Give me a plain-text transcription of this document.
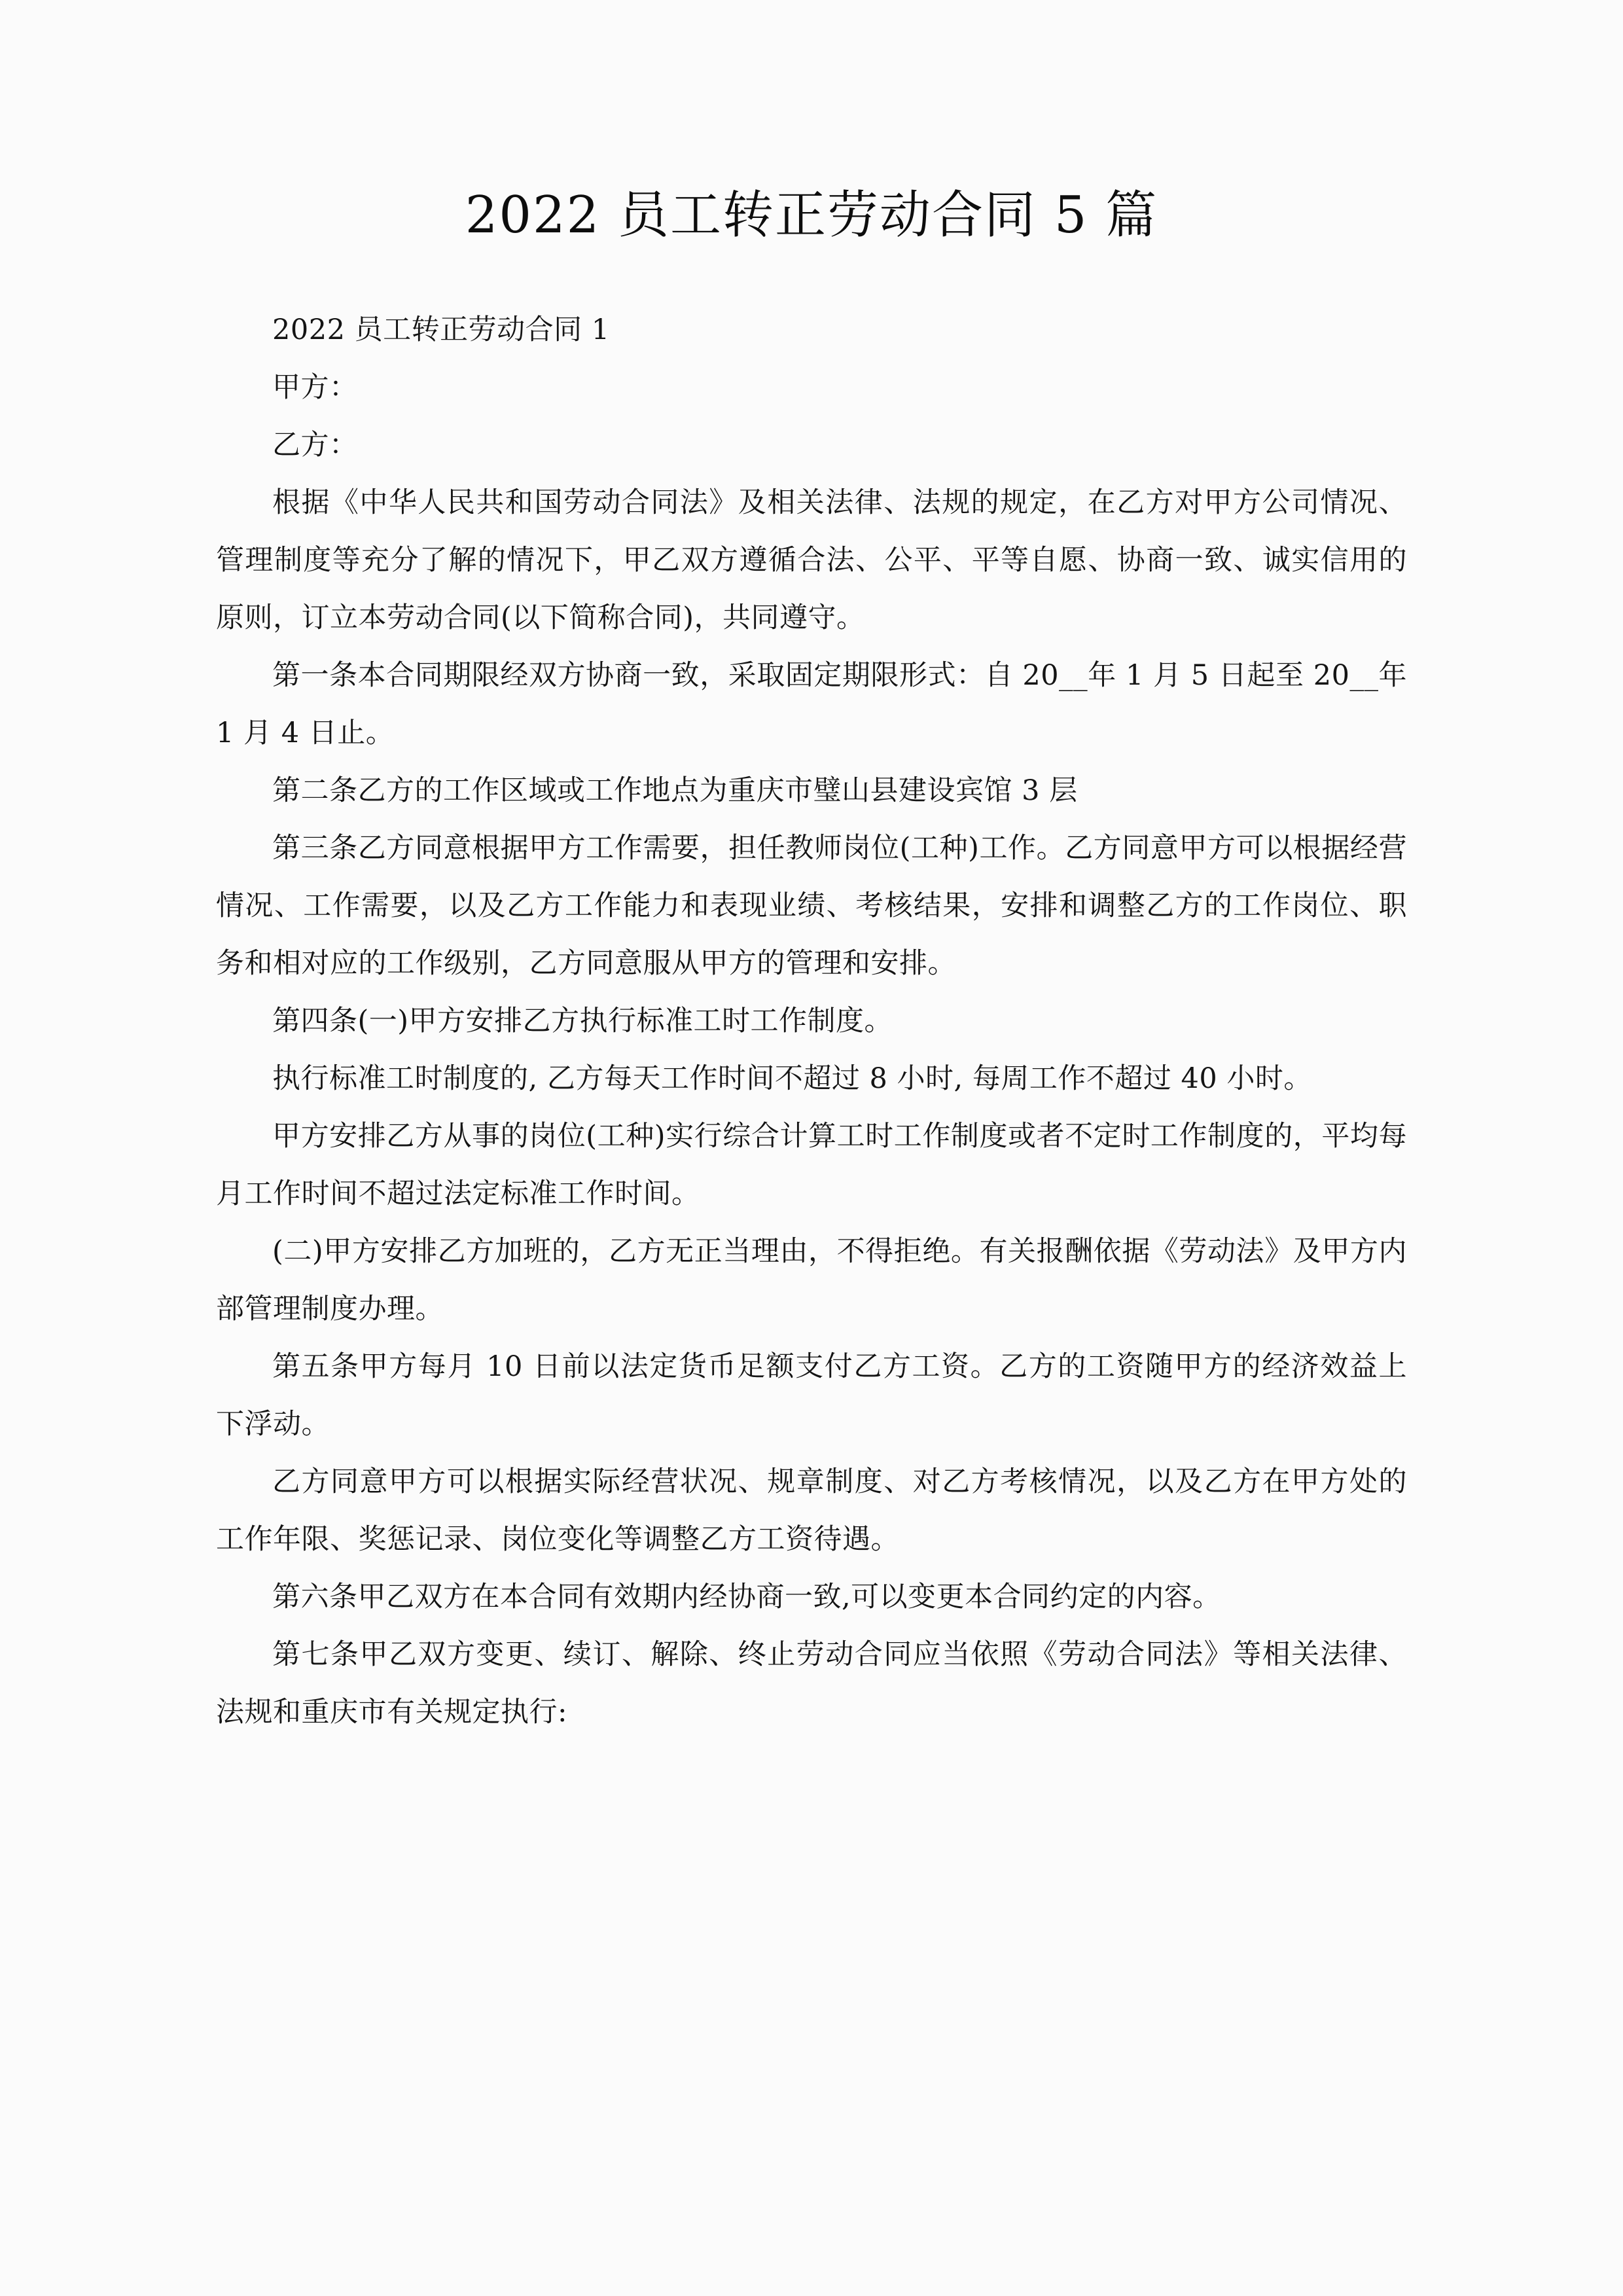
2022 员工转正劳动合同 5 篇

2022 员工转正劳动合同 1

甲方：

乙方：

根据《中华人民共和国劳动合同法》及相关法律、法规的规定，在乙方对甲方公司情况、管理制度等充分了解的情况下，甲乙双方遵循合法、公平、平等自愿、协商一致、诚实信用的原则，订立本劳动合同(以下简称合同)，共同遵守。

第一条本合同期限经双方协商一致，采取固定期限形式：自 20__年 1 月 5 日起至 20__年 1 月 4 日止。

第二条乙方的工作区域或工作地点为重庆市璧山县建设宾馆 3 层

第三条乙方同意根据甲方工作需要，担任教师岗位(工种)工作。乙方同意甲方可以根据经营情况、工作需要，以及乙方工作能力和表现业绩、考核结果，安排和调整乙方的工作岗位、职务和相对应的工作级别，乙方同意服从甲方的管理和安排。

第四条(一)甲方安排乙方执行标准工时工作制度。

执行标准工时制度的, 乙方每天工作时间不超过 8 小时, 每周工作不超过 40 小时。

甲方安排乙方从事的岗位(工种)实行综合计算工时工作制度或者不定时工作制度的，平均每月工作时间不超过法定标准工作时间。

(二)甲方安排乙方加班的，乙方无正当理由，不得拒绝。有关报酬依据《劳动法》及甲方内部管理制度办理。

第五条甲方每月 10 日前以法定货币足额支付乙方工资。乙方的工资随甲方的经济效益上下浮动。

乙方同意甲方可以根据实际经营状况、规章制度、对乙方考核情况，以及乙方在甲方处的工作年限、奖惩记录、岗位变化等调整乙方工资待遇。

第六条甲乙双方在本合同有效期内经协商一致,可以变更本合同约定的内容。

第七条甲乙双方变更、续订、解除、终止劳动合同应当依照《劳动合同法》等相关法律、法规和重庆市有关规定执行:
